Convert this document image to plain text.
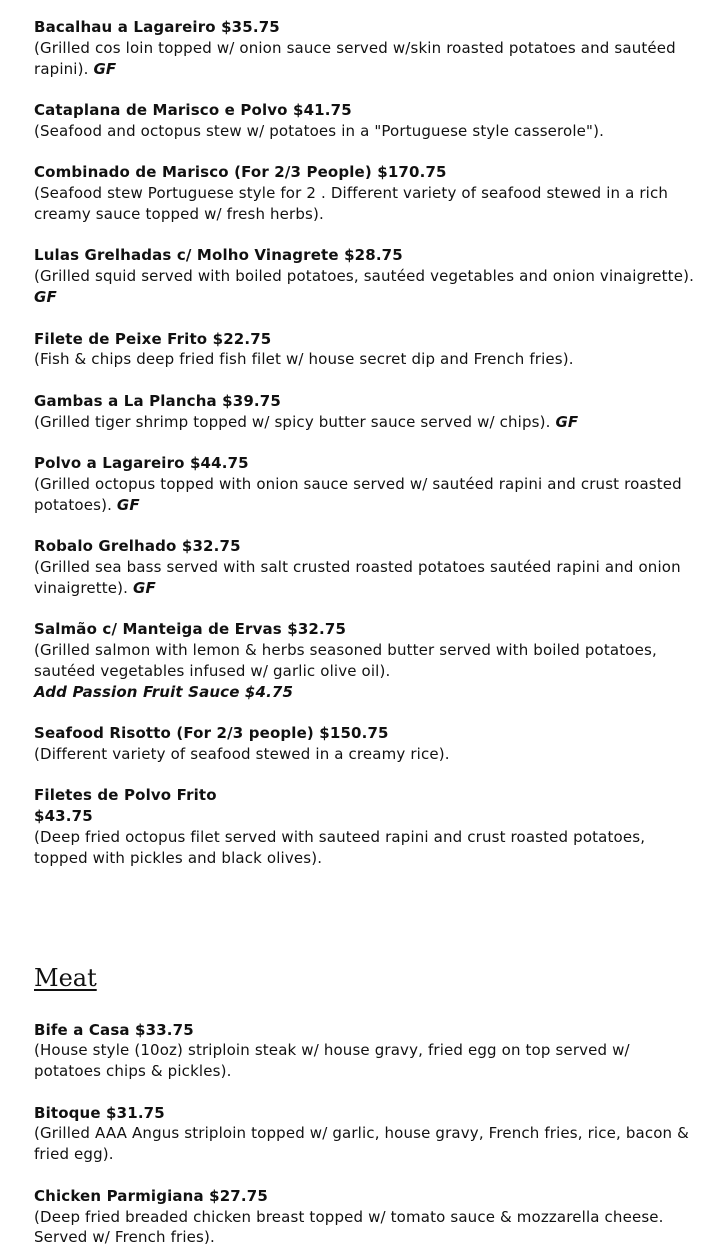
Bacalhau a Lagareiro $35.75

(Grilled cos loin topped w/ onion sauce served w/skin roasted potatoes and sautéed rapini). GF

Cataplana de Marisco e Polvo $41.75

(Seafood and octopus stew w/ potatoes in a "Portuguese style casserole").

Combinado de Marisco (For 2/3 People) $170.75

(Seafood stew Portuguese style for 2 . Different variety of seafood stewed in a rich creamy sauce topped w/ fresh herbs).

Lulas Grelhadas c/ Molho Vinagrete $28.75

(Grilled squid served with boiled potatoes, sautéed vegetables and onion vinaigrette). GF

Filete de Peixe Frito $22.75

(Fish & chips deep fried fish filet w/ house secret dip and French fries).

Gambas a La Plancha $39.75

(Grilled tiger shrimp topped w/ spicy butter sauce served w/ chips). GF

Polvo a Lagareiro $44.75

(Grilled octopus topped with onion sauce served w/ sautéed rapini and crust roasted potatoes). GF

Robalo Grelhado $32.75

(Grilled sea bass served with salt crusted roasted potatoes sautéed rapini and onion vinaigrette). GF

Salmão c/ Manteiga de Ervas $32.75

(Grilled salmon with lemon & herbs seasoned butter served with boiled potatoes, sautéed vegetables infused w/ garlic olive oil).

Add Passion Fruit Sauce $4.75

Seafood Risotto (For 2/3 people) $150.75

(Different variety of seafood stewed in a creamy rice).

Filetes de Polvo Frito

$43.75

(Deep fried octopus filet served with sauteed rapini and crust roasted potatoes, topped with pickles and black olives).

Meat

Bife a Casa $33.75

(House style (10oz) striploin steak w/ house gravy, fried egg on top served w/ potatoes chips & pickles).

Bitoque $31.75

(Grilled AAA Angus striploin topped w/ garlic, house gravy, French fries, rice, bacon & fried egg).

Chicken Parmigiana $27.75

(Deep fried breaded chicken breast topped w/ tomato sauce & mozzarella cheese. Served w/ French fries).
